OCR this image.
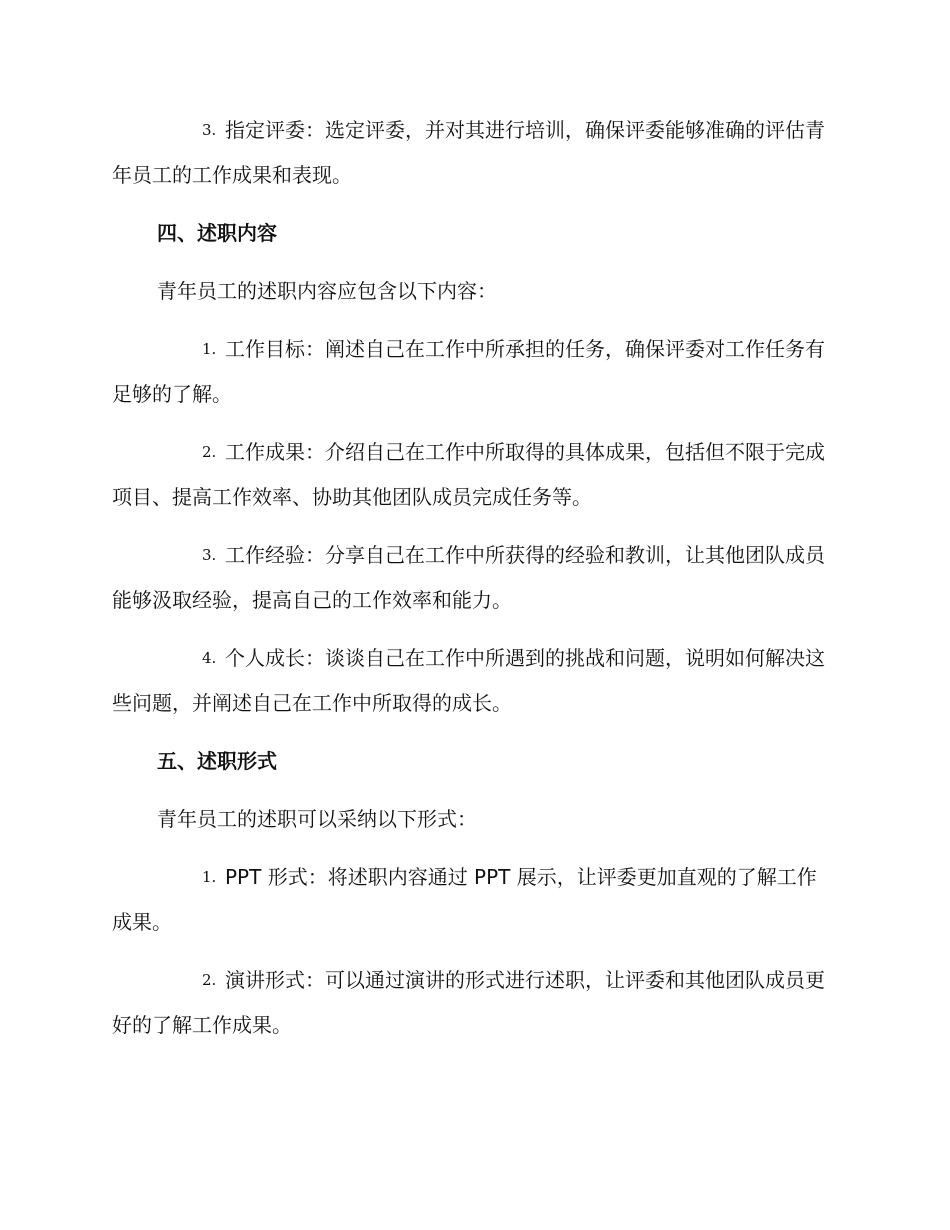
3. 指定评委：选定评委，并对其进行培训，确保评委能够准确的评估青年员工的工作成果和表现。

四、述职内容

青年员工的述职内容应包含以下内容：

1. 工作目标：阐述自己在工作中所承担的任务，确保评委对工作任务有足够的了解。

2. 工作成果：介绍自己在工作中所取得的具体成果，包括但不限于完成项目、提高工作效率、协助其他团队成员完成任务等。

3. 工作经验：分享自己在工作中所获得的经验和教训，让其他团队成员能够汲取经验，提高自己的工作效率和能力。

4. 个人成长：谈谈自己在工作中所遇到的挑战和问题，说明如何解决这些问题，并阐述自己在工作中所取得的成长。

五、述职形式

青年员工的述职可以采纳以下形式：

1. PPT 形式：将述职内容通过 PPT 展示，让评委更加直观的了解工作成果。

2. 演讲形式：可以通过演讲的形式进行述职，让评委和其他团队成员更好的了解工作成果。
